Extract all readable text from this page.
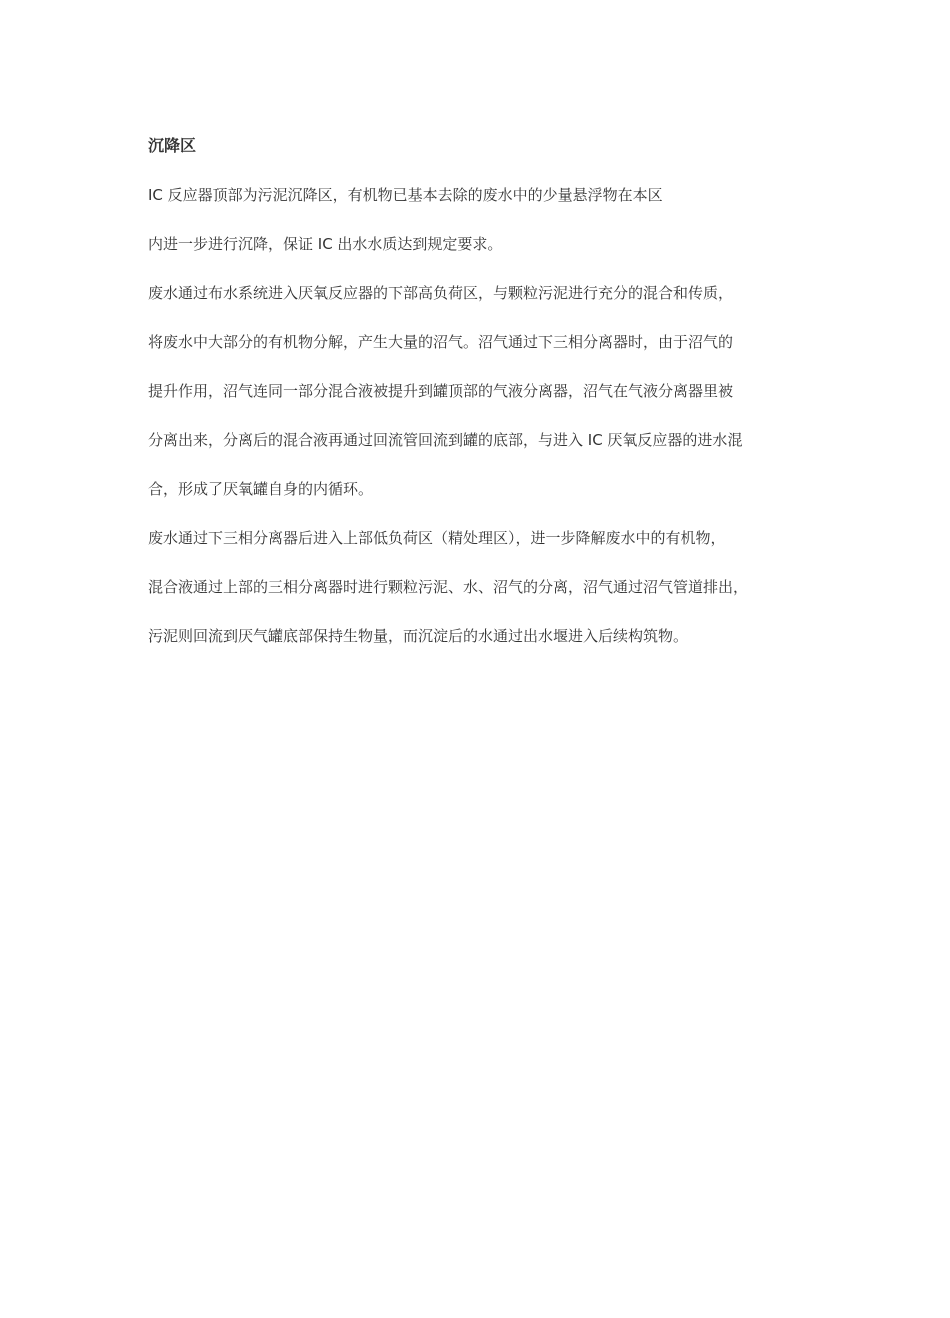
沉降区
IC 反应器顶部为污泥沉降区，有机物已基本去除的废水中的少量悬浮物在本区
内进一步进行沉降，保证 IC 出水水质达到规定要求。
废水通过布水系统进入厌氧反应器的下部高负荷区，与颗粒污泥进行充分的混合和传质，
将废水中大部分的有机物分解，产生大量的沼气。沼气通过下三相分离器时，由于沼气的
提升作用，沼气连同一部分混合液被提升到罐顶部的气液分离器，沼气在气液分离器里被
分离出来，分离后的混合液再通过回流管回流到罐的底部，与进入 IC 厌氧反应器的进水混
合，形成了厌氧罐自身的内循环。
废水通过下三相分离器后进入上部低负荷区（精处理区），进一步降解废水中的有机物，
混合液通过上部的三相分离器时进行颗粒污泥、水、沼气的分离，沼气通过沼气管道排出，
污泥则回流到厌气罐底部保持生物量，而沉淀后的水通过出水堰进入后续构筑物。
